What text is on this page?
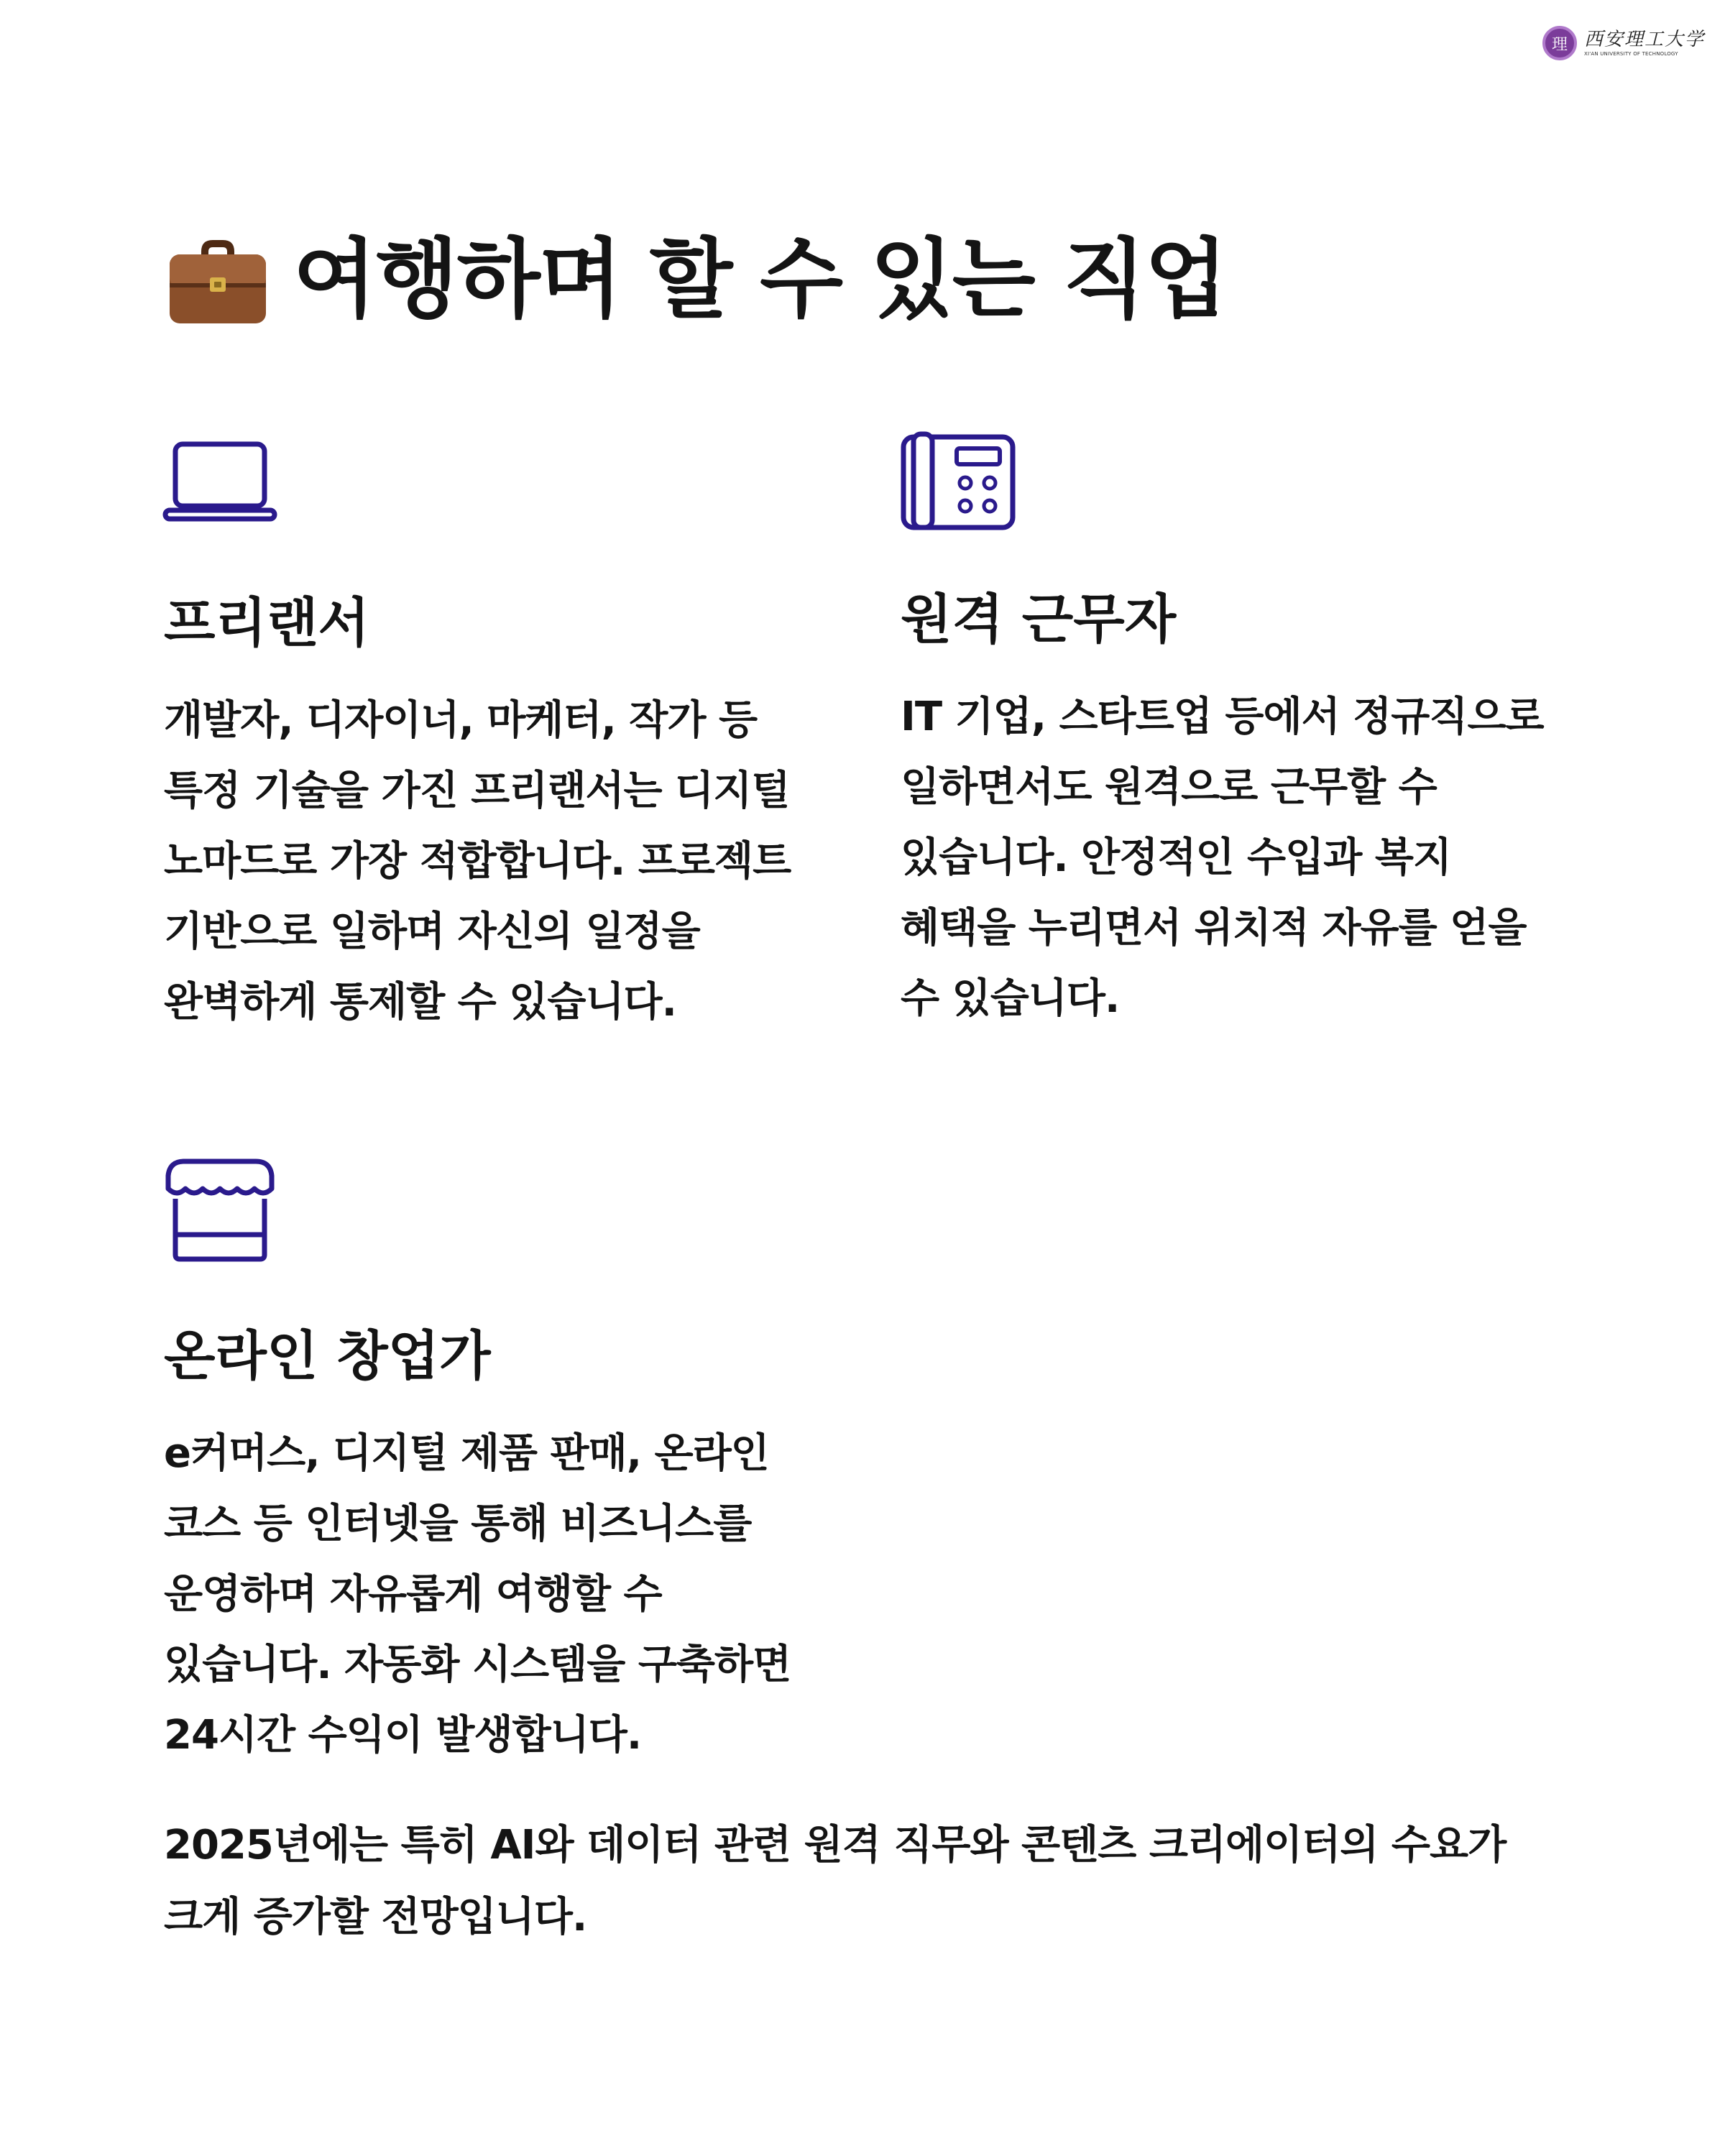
理 西安理工大学
XI'AN UNIVERSITY OF TECHNOLOGY
여행하며 할 수 있는 직업
프리랜서

개발자, 디자이너, 마케터, 작가 등 특정 기술을 가진 프리랜서는 디지털 노마드로 가장 적합합니다. 프로젝트 기반으로 일하며 자신의 일정을 완벽하게 통제할 수 있습니다.

원격 근무자

IT 기업, 스타트업 등에서 정규직으로 일하면서도 원격으로 근무할 수 있습니다. 안정적인 수입과 복지 혜택을 누리면서 위치적 자유를 얻을 수 있습니다.

온라인 창업가

e커머스, 디지털 제품 판매, 온라인 코스 등 인터넷을 통해 비즈니스를 운영하며 자유롭게 여행할 수 있습니다. 자동화 시스템을 구축하면 24시간 수익이 발생합니다.

2025년에는 특히 AI와 데이터 관련 원격 직무와 콘텐츠 크리에이터의 수요가 크게 증가할 전망입니다.
